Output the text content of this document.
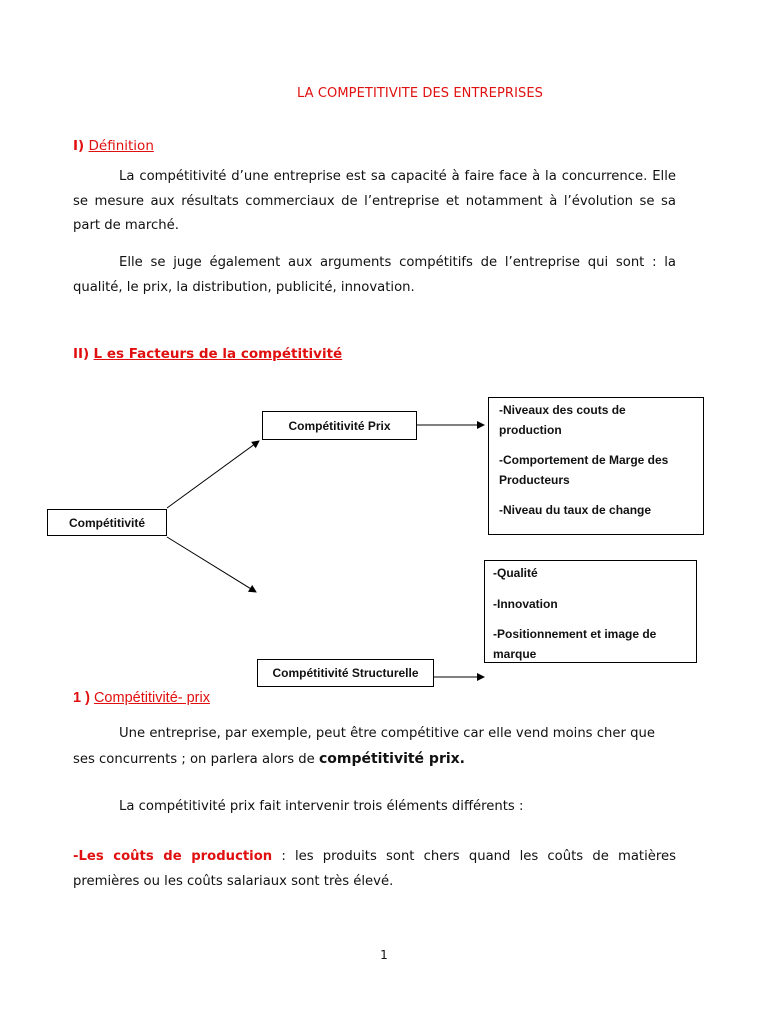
LA COMPETITIVITE DES ENTREPRISES
I) Définition
La compétitivité d’une entreprise est sa capacité à faire face à la concurrence. Elle se mesure aux résultats commerciaux de l’entreprise et notamment à l’évolution se sa part de marché.
Elle se juge également aux arguments compétitifs de l’entreprise qui sont : la qualité, le prix, la distribution, publicité, innovation.
II) L es Facteurs de la compétitivité
Compétitivité
Compétitivité Prix
Compétitivité Structurelle
-Niveaux des couts de
production
-Comportement de Marge des
Producteurs
-Niveau du taux de change
-Qualité
-Innovation
-Positionnement et image de
marque
1 ) Compétitivité- prix
Une entreprise, par exemple, peut être compétitive car elle vend moins cher que ses concurrents ; on parlera alors de compétitivité prix.
La compétitivité prix fait intervenir trois éléments différents :
-Les coûts de production : les produits sont chers quand les coûts de matières premières ou les coûts salariaux sont très élevé.
1
